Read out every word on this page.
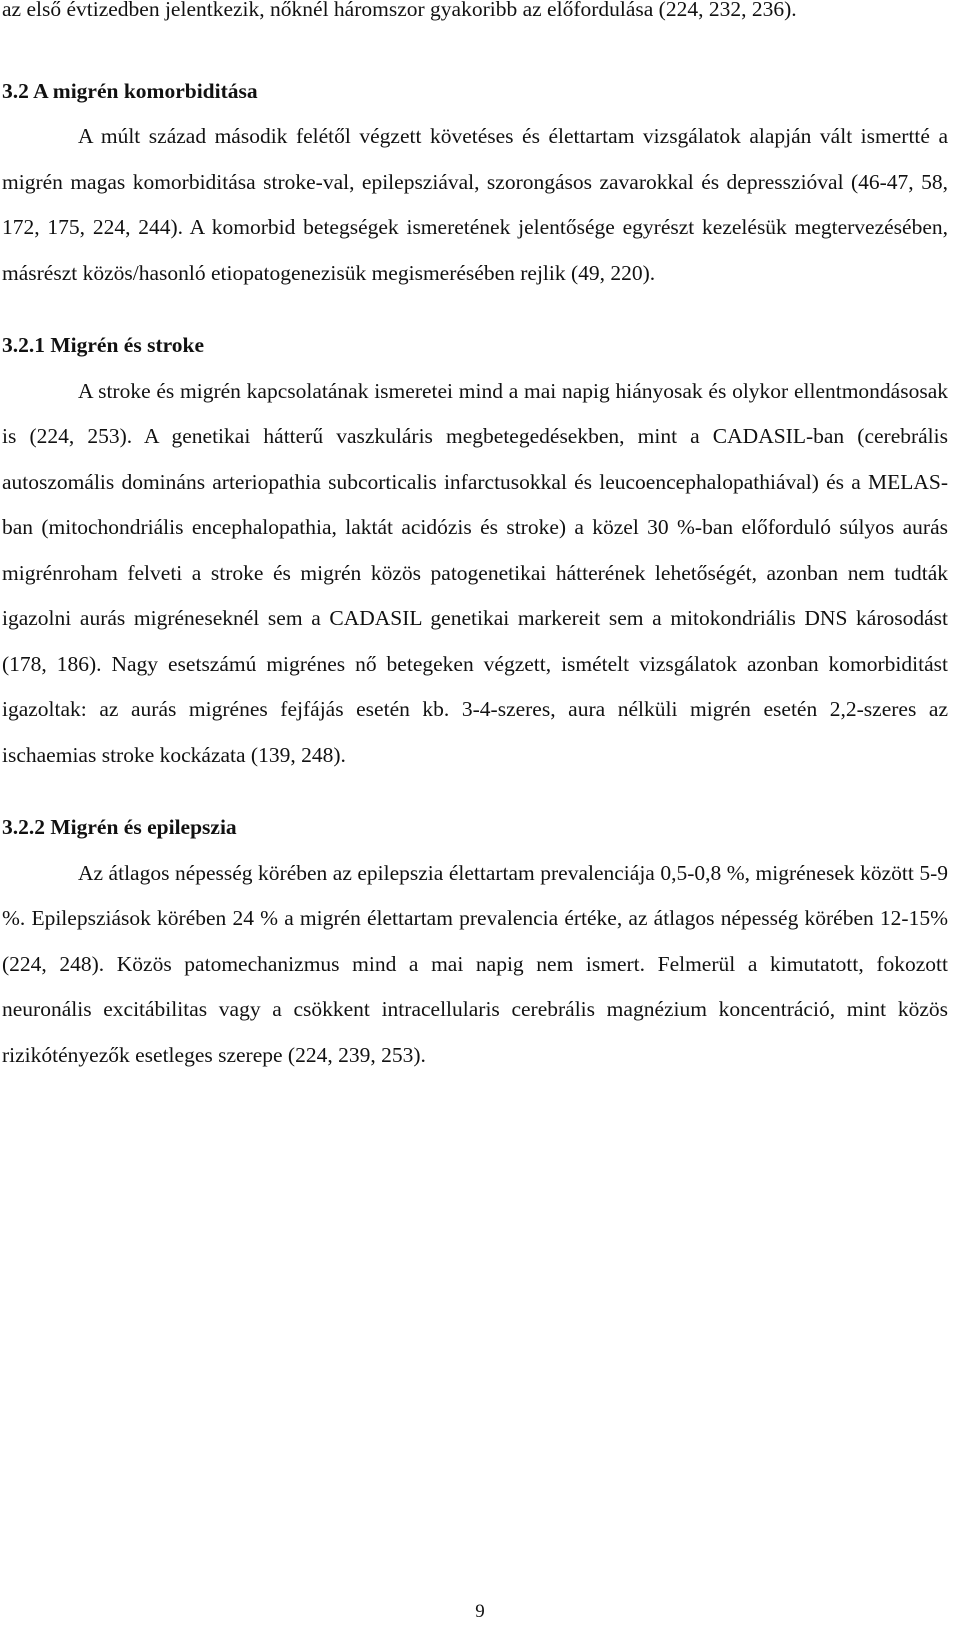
az első évtizedben jelentkezik, nőknél háromszor gyakoribb az előfordulása (224, 232, 236).

3.2 A migrén komorbiditása

A múlt század második felétől végzett követéses és élettartam vizsgálatok alapján vált ismertté a migrén magas komorbiditása stroke-val, epilepsziával, szorongásos zavarokkal és depresszióval (46-47, 58, 172, 175, 224, 244). A komorbid betegségek ismeretének jelentősége egyrészt kezelésük megtervezésében, másrészt közös/hasonló etiopatogenezisük megismerésében rejlik (49, 220).

3.2.1 Migrén és stroke

A stroke és migrén kapcsolatának ismeretei mind a mai napig hiányosak és olykor ellentmondásosak is (224, 253). A genetikai hátterű vaszkuláris megbetegedésekben, mint a CADASIL-ban (cerebrális autoszomális domináns arteriopathia subcorticalis infarctusokkal és leucoencephalopathiával) és a MELAS-ban (mitochondriális encephalopathia, laktát acidózis és stroke) a közel 30 %-ban előforduló súlyos aurás migrénroham felveti a stroke és migrén közös patogenetikai hátterének lehetőségét, azonban nem tudták igazolni aurás migréneseknél sem a CADASIL genetikai markereit sem a mitokondriális DNS károsodást (178, 186). Nagy esetszámú migrénes nő betegeken végzett, ismételt vizsgálatok azonban komorbiditást igazoltak: az aurás migrénes fejfájás esetén kb. 3-4-szeres, aura nélküli migrén esetén 2,2-szeres az ischaemias stroke kockázata (139, 248).

3.2.2 Migrén és epilepszia

Az átlagos népesség körében az epilepszia élettartam prevalenciája 0,5-0,8 %, migrénesek között 5-9 %. Epilepsziások körében 24 % a migrén élettartam prevalencia értéke, az átlagos népesség körében 12-15% (224, 248). Közös patomechanizmus mind a mai napig nem ismert. Felmerül a kimutatott, fokozott neuronális excitábilitas vagy a csökkent intracellularis cerebrális magnézium koncentráció, mint közös rizikótényezők esetleges szerepe (224, 239, 253).

9
